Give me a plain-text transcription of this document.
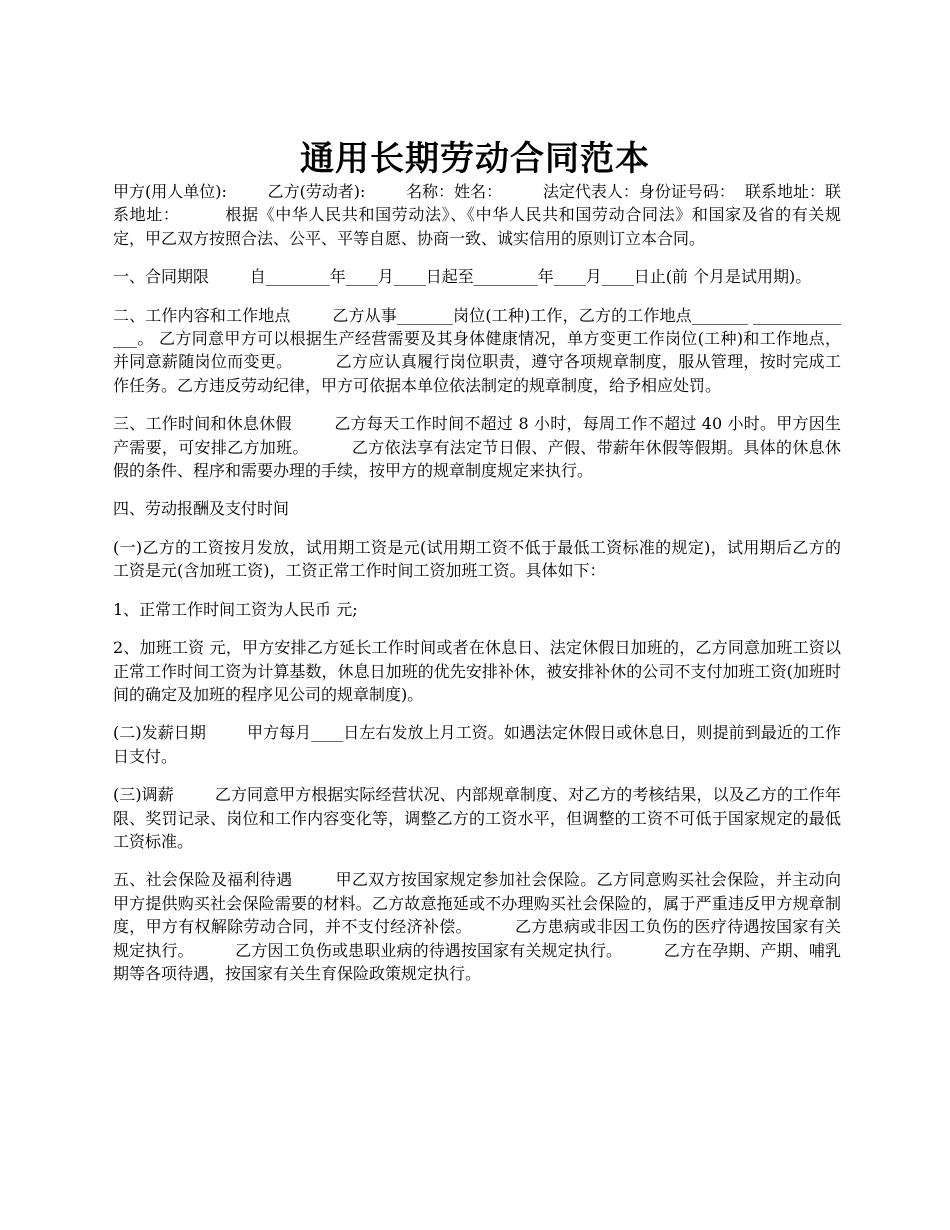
通用长期劳动合同范本

甲方(用人单位):        乙方(劳动者):        名称：姓名：        法定代表人：身份证号码：  联系地址：联系地址：        根据《中华人民共和国劳动法》、《中华人民共和国劳动合同法》和国家及省的有关规定，甲乙双方按照合法、公平、平等自愿、协商一致、诚实信用的原则订立本合同。

一、合同期限        自________年____月____日起至________年____月____日止(前 个月是试用期)。

二、工作内容和工作地点        乙方从事_______岗位(工种)工作，乙方的工作地点_______ ______________。 乙方同意甲方可以根据生产经营需要及其身体健康情况，单方变更工作岗位(工种)和工作地点，并同意薪随岗位而变更。        乙方应认真履行岗位职责，遵守各项规章制度，服从管理，按时完成工作任务。乙方违反劳动纪律，甲方可依据本单位依法制定的规章制度，给予相应处罚。

三、工作时间和休息休假        乙方每天工作时间不超过 8 小时，每周工作不超过 40 小时。甲方因生产需要，可安排乙方加班。        乙方依法享有法定节日假、产假、带薪年休假等假期。具体的休息休假的条件、程序和需要办理的手续，按甲方的规章制度规定来执行。

四、劳动报酬及支付时间

(一)乙方的工资按月发放，试用期工资是元(试用期工资不低于最低工资标准的规定)，试用期后乙方的工资是元(含加班工资)，工资正常工作时间工资加班工资。具体如下：

1、正常工作时间工资为人民币 元;

2、加班工资 元，甲方安排乙方延长工作时间或者在休息日、法定休假日加班的，乙方同意加班工资以正常工作时间工资为计算基数，休息日加班的优先安排补休，被安排补休的公司不支付加班工资(加班时间的确定及加班的程序见公司的规章制度)。

(二)发薪日期        甲方每月____日左右发放上月工资。如遇法定休假日或休息日，则提前到最近的工作日支付。

(三)调薪        乙方同意甲方根据实际经营状况、内部规章制度、对乙方的考核结果，以及乙方的工作年限、奖罚记录、岗位和工作内容变化等，调整乙方的工资水平，但调整的工资不可低于国家规定的最低工资标准。

五、社会保险及福利待遇        甲乙双方按国家规定参加社会保险。乙方同意购买社会保险，并主动向甲方提供购买社会保险需要的材料。乙方故意拖延或不办理购买社会保险的，属于严重违反甲方规章制度，甲方有权解除劳动合同，并不支付经济补偿。        乙方患病或非因工负伤的医疗待遇按国家有关规定执行。        乙方因工负伤或患职业病的待遇按国家有关规定执行。        乙方在孕期、产期、哺乳期等各项待遇，按国家有关生育保险政策规定执行。
